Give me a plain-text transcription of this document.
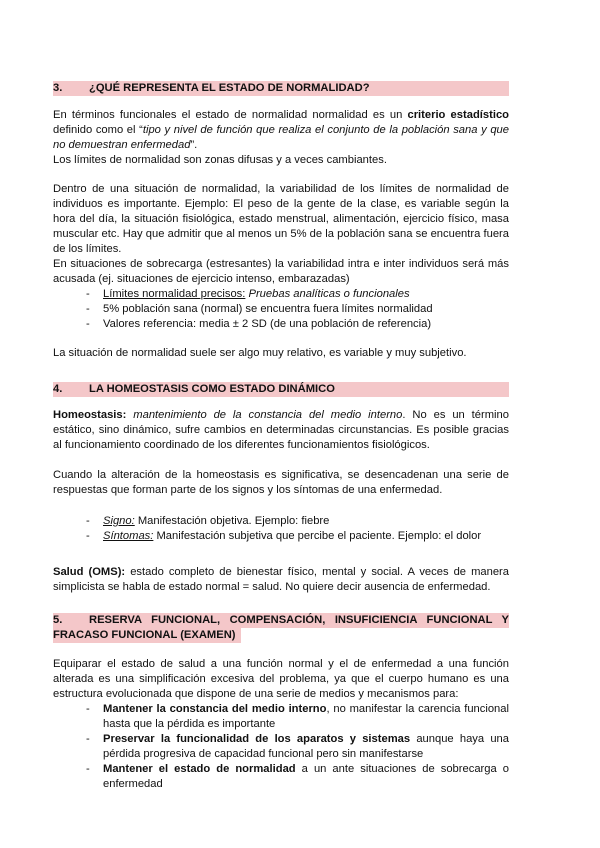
3. ¿QUÉ REPRESENTA EL ESTADO DE NORMALIDAD?

En términos funcionales el estado de normalidad normalidad es un criterio estadístico definido como el “tipo y nivel de función que realiza el conjunto de la población sana y que no demuestran enfermedad”.

Los límites de normalidad son zonas difusas y a veces cambiantes.

Dentro de una situación de normalidad, la variabilidad de los límites de normalidad de individuos es importante. Ejemplo: El peso de la gente de la clase, es variable según la hora del día, la situación fisiológica, estado menstrual, alimentación, ejercicio físico, masa muscular etc. Hay que admitir que al menos un 5% de la población sana se encuentra fuera de los límites.

En situaciones de sobrecarga (estresantes) la variabilidad intra e inter individuos será más acusada (ej. situaciones de ejercicio intenso, embarazadas)

- Límites normalidad precisos: Pruebas analíticas o funcionales
- 5% población sana (normal) se encuentra fuera límites normalidad
- Valores referencia: media ± 2 SD (de una población de referencia)

La situación de normalidad suele ser algo muy relativo, es variable y muy subjetivo.

4. LA HOMEOSTASIS COMO ESTADO DINÁMICO

Homeostasis: mantenimiento de la constancia del medio interno. No es un término estático, sino dinámico, sufre cambios en determinadas circunstancias. Es posible gracias al funcionamiento coordinado de los diferentes funcionamientos fisiológicos.

Cuando la alteración de la homeostasis es significativa, se desencadenan una serie de respuestas que forman parte de los signos y los síntomas de una enfermedad.

- Signo: Manifestación objetiva. Ejemplo: fiebre
- Síntomas: Manifestación subjetiva que percibe el paciente. Ejemplo: el dolor

Salud (OMS): estado completo de bienestar físico, mental y social. A veces de manera simplicista se habla de estado normal = salud. No quiere decir ausencia de enfermedad.

5. RESERVA FUNCIONAL, COMPENSACIÓN, INSUFICIENCIA FUNCIONAL Y
FRACASO FUNCIONAL (EXAMEN)

Equiparar el estado de salud a una función normal y el de enfermedad a una función alterada es una simplificación excesiva del problema, ya que el cuerpo humano es una estructura evolucionada que dispone de una serie de medios y mecanismos para:

- Mantener la constancia del medio interno, no manifestar la carencia funcional hasta que la pérdida es importante
- Preservar la funcionalidad de los aparatos y sistemas aunque haya una pérdida progresiva de capacidad funcional pero sin manifestarse
- Mantener el estado de normalidad a un ante situaciones de sobrecarga o enfermedad
